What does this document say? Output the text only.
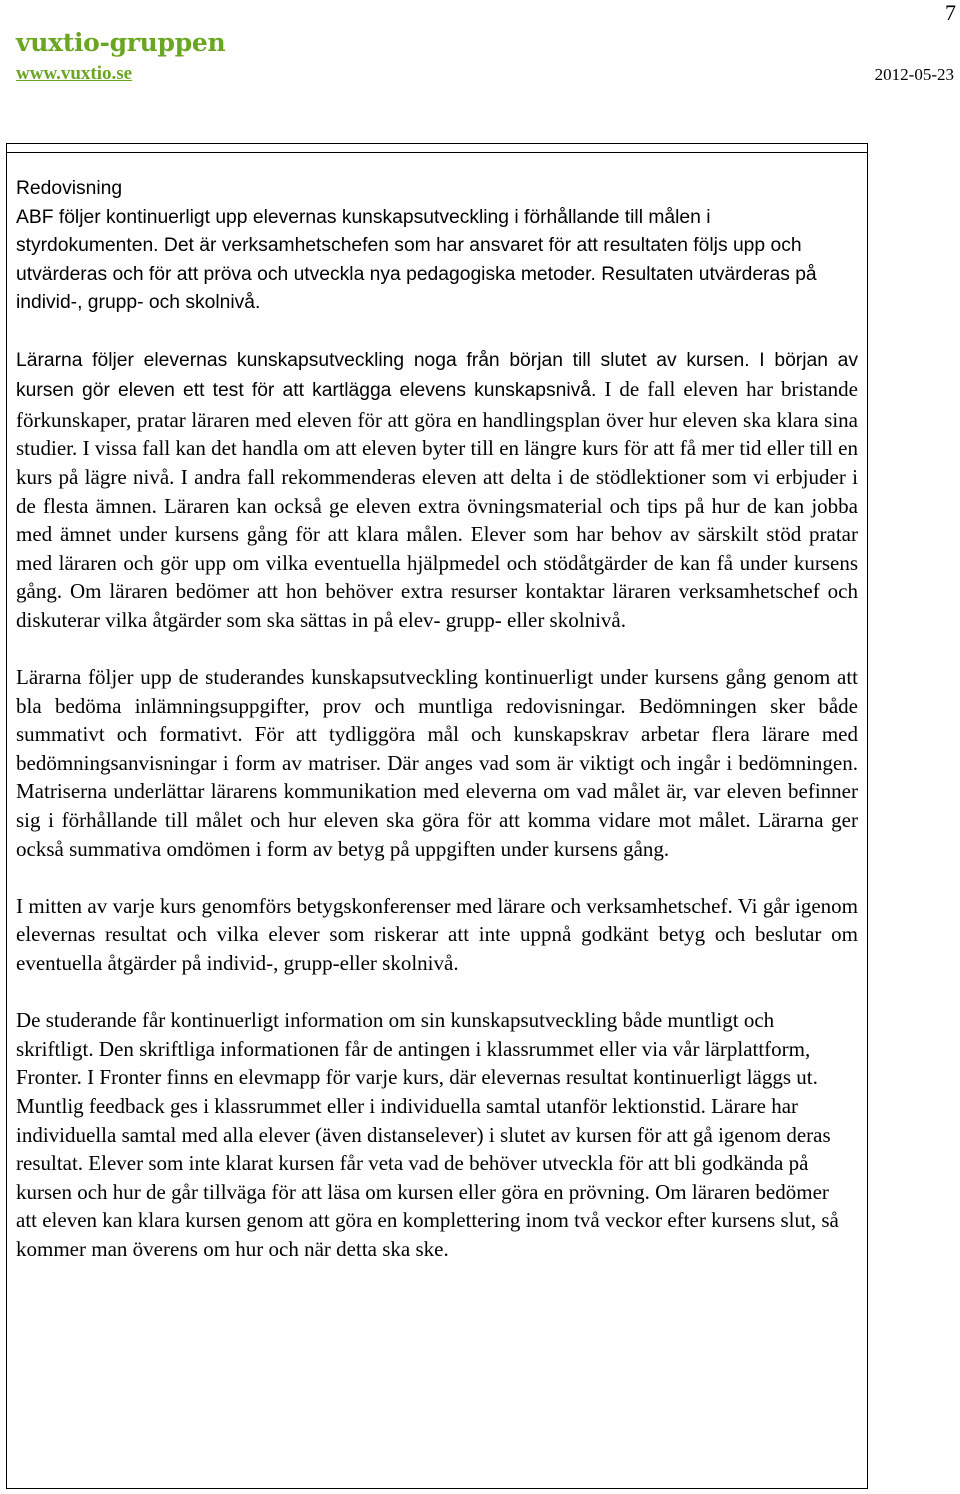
7
vuxtio-gruppen
www.vuxtio.se	2012-05-23

Redovisning

ABF följer kontinuerligt upp elevernas kunskapsutveckling i förhållande till målen i styrdokumenten. Det är verksamhetschefen som har ansvaret för att resultaten följs upp och utvärderas och för att pröva och utveckla nya pedagogiska metoder. Resultaten utvärderas på individ-, grupp- och skolnivå.

Lärarna följer elevernas kunskapsutveckling noga från början till slutet av kursen. I början av kursen gör eleven ett test för att kartlägga elevens kunskapsnivå. I de fall eleven har bristande förkunskaper, pratar läraren med eleven för att göra en handlingsplan över hur eleven ska klara sina studier. I vissa fall kan det handla om att eleven byter till en längre kurs för att få mer tid eller till en kurs på lägre nivå. I andra fall rekommenderas eleven att delta i de stödlektioner som vi erbjuder i de flesta ämnen. Läraren kan också ge eleven extra övningsmaterial och tips på hur de kan jobba med ämnet under kursens gång för att klara målen. Elever som har behov av särskilt stöd pratar med läraren och gör upp om vilka eventuella hjälpmedel och stödåtgärder de kan få under kursens gång. Om läraren bedömer att hon behöver extra resurser kontaktar läraren verksamhetschef och diskuterar vilka åtgärder som ska sättas in på elev- grupp- eller skolnivå.

Lärarna följer upp de studerandes kunskapsutveckling kontinuerligt under kursens gång genom att bla bedöma inlämningsuppgifter, prov och muntliga redovisningar. Bedömningen sker både summativt och formativt. För att tydliggöra mål och kunskapskrav arbetar flera lärare med bedömningsanvisningar i form av matriser. Där anges vad som är viktigt och ingår i bedömningen. Matriserna underlättar lärarens kommunikation med eleverna om vad målet är, var eleven befinner sig i förhållande till målet och hur eleven ska göra för att komma vidare mot målet. Lärarna ger också summativa omdömen i form av betyg på uppgiften under kursens gång.

I mitten av varje kurs genomförs betygskonferenser med lärare och verksamhetschef. Vi går igenom elevernas resultat och vilka elever som riskerar att inte uppnå godkänt betyg och beslutar om eventuella åtgärder på individ-, grupp-eller skolnivå.

De studerande får kontinuerligt information om sin kunskapsutveckling både muntligt och skriftligt. Den skriftliga informationen får de antingen i klassrummet eller via vår lärplattform, Fronter. I Fronter finns en elevmapp för varje kurs, där elevernas resultat kontinuerligt läggs ut. Muntlig feedback ges i klassrummet eller i individuella samtal utanför lektionstid. Lärare har individuella samtal med alla elever (även distanselever) i slutet av kursen för att gå igenom deras resultat. Elever som inte klarat kursen får veta vad de behöver utveckla för att bli godkända på kursen och hur de går tillväga för att läsa om kursen eller göra en prövning. Om läraren bedömer att eleven kan klara kursen genom att göra en komplettering inom två veckor efter kursens slut, så kommer man överens om hur och när detta ska ske.
